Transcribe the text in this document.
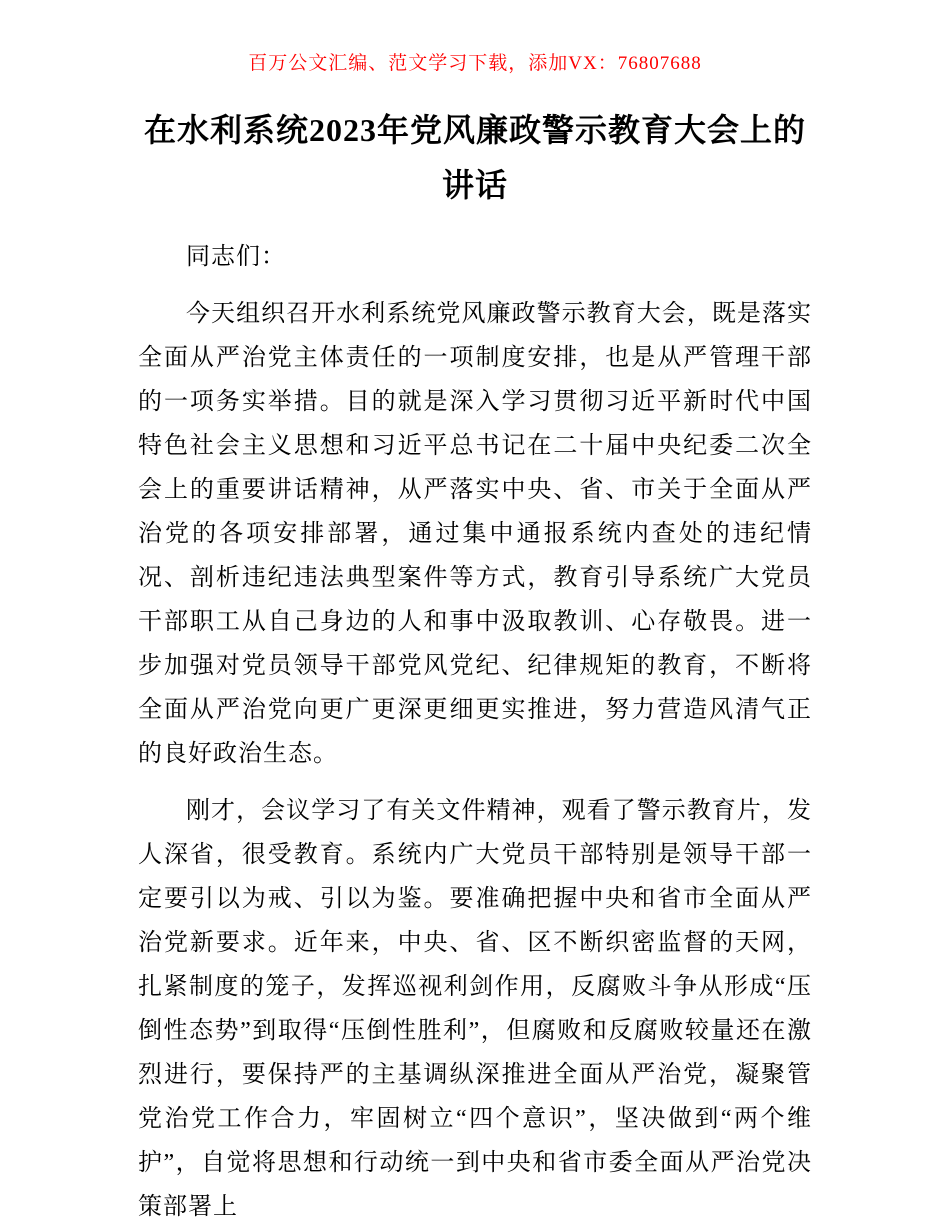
百万公文汇编、范文学习下载，添加VX：76807688
在水利系统2023年党风廉政警示教育大会上的讲话

同志们：

今天组织召开水利系统党风廉政警示教育大会，既是落实全面从严治党主体责任的一项制度安排，也是从严管理干部的一项务实举措。目的就是深入学习贯彻习近平新时代中国特色社会主义思想和习近平总书记在二十届中央纪委二次全会上的重要讲话精神，从严落实中央、省、市关于全面从严治党的各项安排部署，通过集中通报系统内查处的违纪情况、剖析违纪违法典型案件等方式，教育引导系统广大党员干部职工从自己身边的人和事中汲取教训、心存敬畏。进一步加强对党员领导干部党风党纪、纪律规矩的教育，不断将全面从严治党向更广更深更细更实推进，努力营造风清气正的良好政治生态。

刚才，会议学习了有关文件精神，观看了警示教育片，发人深省，很受教育。系统内广大党员干部特别是领导干部一定要引以为戒、引以为鉴。要准确把握中央和省市全面从严治党新要求。近年来，中央、省、区不断织密监督的天网，扎紧制度的笼子，发挥巡视利剑作用，反腐败斗争从形成“压倒性态势”到取得“压倒性胜利”，但腐败和反腐败较量还在激烈进行，要保持严的主基调纵深推进全面从严治党，凝聚管党治党工作合力，牢固树立“四个意识”，坚决做到“两个维护”，自觉将思想和行动统一到中央和省市委全面从严治党决策部署上
